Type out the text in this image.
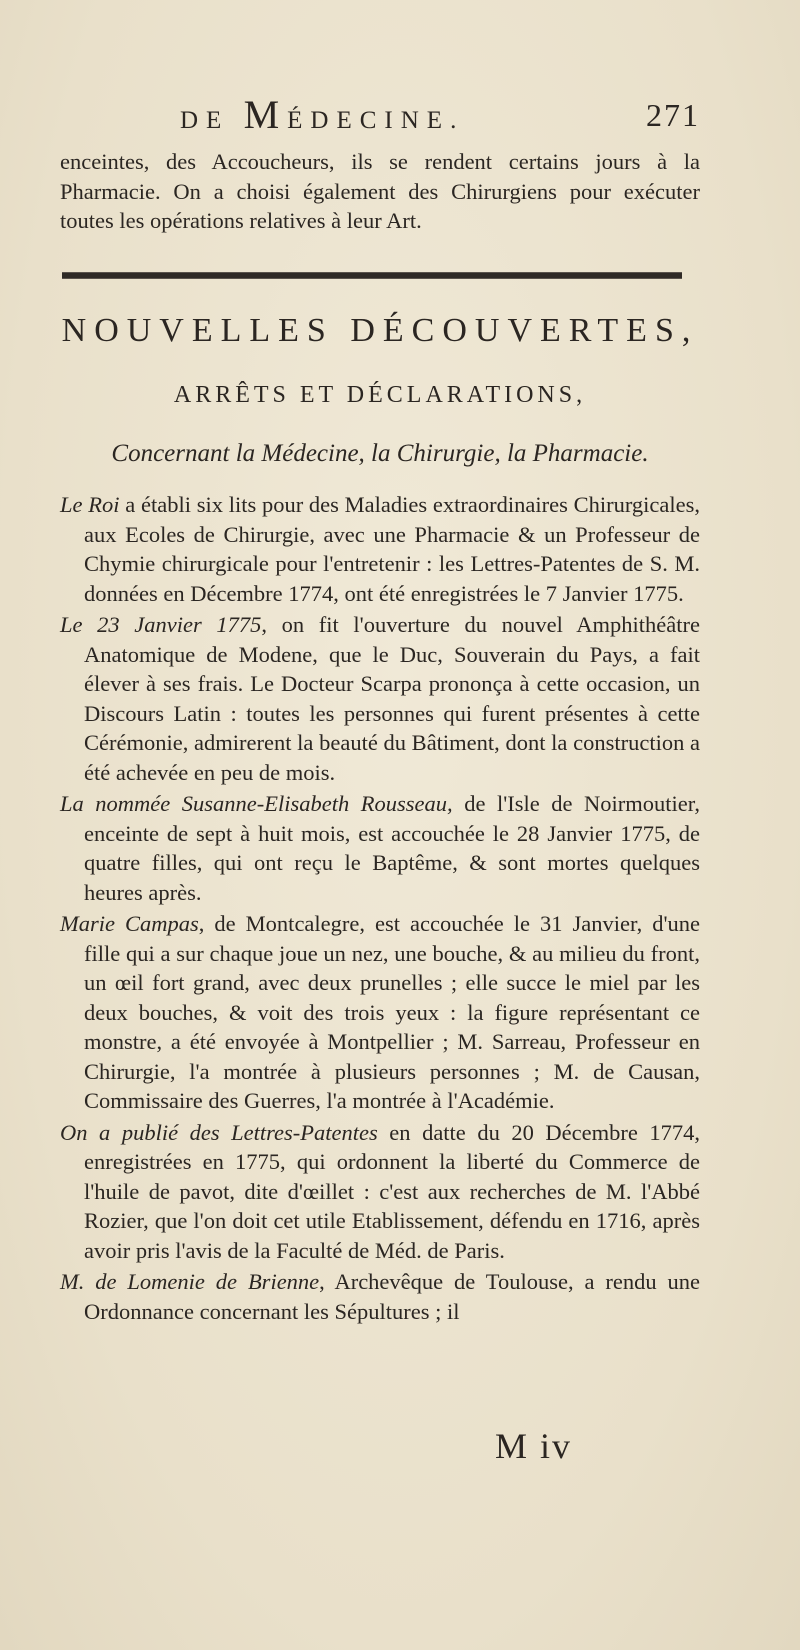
DE MÉDECINE.	271

enceintes, des Accoucheurs, ils se rendent certains jours à la Pharmacie. On a choisi également des Chirurgiens pour exécuter toutes les opérations relatives à leur Art.

NOUVELLES DÉCOUVERTES,
ARRÊTS ET DÉCLARATIONS,
Concernant la Médecine, la Chirurgie, la Pharmacie.

Le Roi a établi six lits pour des Maladies extraordinaires Chirurgicales, aux Ecoles de Chirurgie, avec une Pharmacie & un Professeur de Chymie chirurgicale pour l'entretenir : les Lettres-Patentes de S. M. données en Décembre 1774, ont été enregistrées le 7 Janvier 1775.

Le 23 Janvier 1775, on fit l'ouverture du nouvel Amphithéâtre Anatomique de Modene, que le Duc, Souverain du Pays, a fait élever à ses frais. Le Docteur Scarpa prononça à cette occasion, un Discours Latin : toutes les personnes qui furent présentes à cette Cérémonie, admirerent la beauté du Bâtiment, dont la construction a été achevée en peu de mois.

La nommée Susanne-Elisabeth Rousseau, de l'Isle de Noirmoutier, enceinte de sept à huit mois, est accouchée le 28 Janvier 1775, de quatre filles, qui ont reçu le Baptême, & sont mortes quelques heures après.

Marie Campas, de Montcalegre, est accouchée le 31 Janvier, d'une fille qui a sur chaque joue un nez, une bouche, & au milieu du front, un œil fort grand, avec deux prunelles ; elle succe le miel par les deux bouches, & voit des trois yeux : la figure représentant ce monstre, a été envoyée à Montpellier ; M. Sarreau, Professeur en Chirurgie, l'a montrée à plusieurs personnes ; M. de Causan, Commissaire des Guerres, l'a montrée à l'Académie.

On a publié des Lettres-Patentes en datte du 20 Décembre 1774, enregistrées en 1775, qui ordonnent la liberté du Commerce de l'huile de pavot, dite d'œillet : c'est aux recherches de M. l'Abbé Rozier, que l'on doit cet utile Etablissement, défendu en 1716, après avoir pris l'avis de la Faculté de Méd. de Paris.

M. de Lomenie de Brienne, Archevêque de Toulouse, a rendu une Ordonnance concernant les Sépultures ; il

M iv
